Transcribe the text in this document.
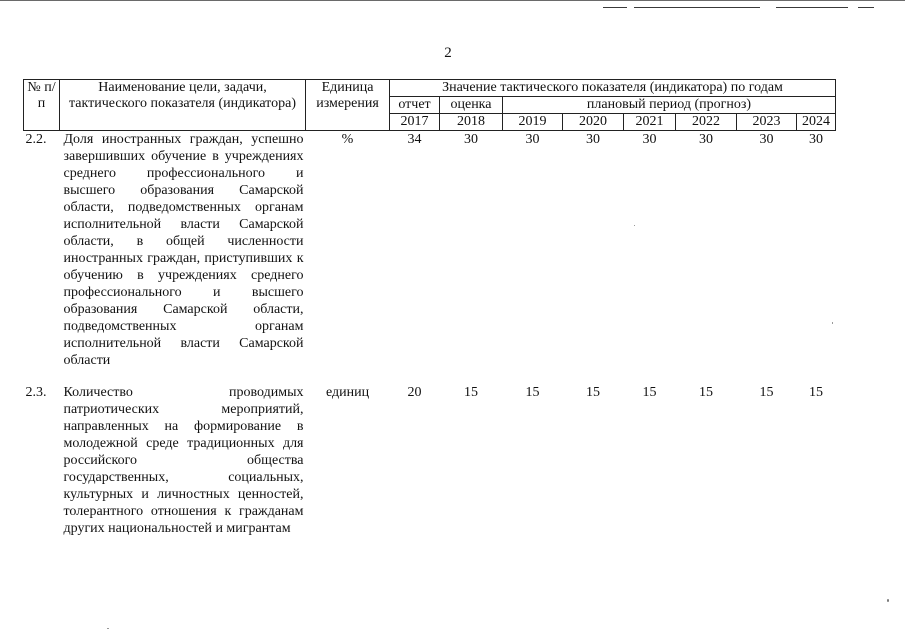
2
№ п/п	Наименование цели, задачи, тактического показателя (индикатора)	Единица измерения	Значение тактического показателя (индикатора) по годам							
			отчет	оценка	плановый период (прогноз)					
			2017	2018	2019	2020	2021	2022	2023	2024
2.2.	Доля иностранных граждан, успешно завершивших обучение в учреждениях среднего профессионального и высшего образования Самарской области, подведомственных органам исполнительной власти Самарской области, в общей численности иностранных граждан, приступивших к обучению в учреждениях среднего профессионального и высшего образования Самарской области, подведомственных органам исполнительной власти Самарской области	%	34	30	30	30	30	30	30	30

2.3.	Количество проводимых патриотических мероприятий, направленных на формирование в молодежной среде традиционных для российского общества государственных, социальных, культурных и личностных ценностей, толерантного отношения к гражданам других национальностей и мигрантам	единиц	20	15	15	15	15	15	15	15
